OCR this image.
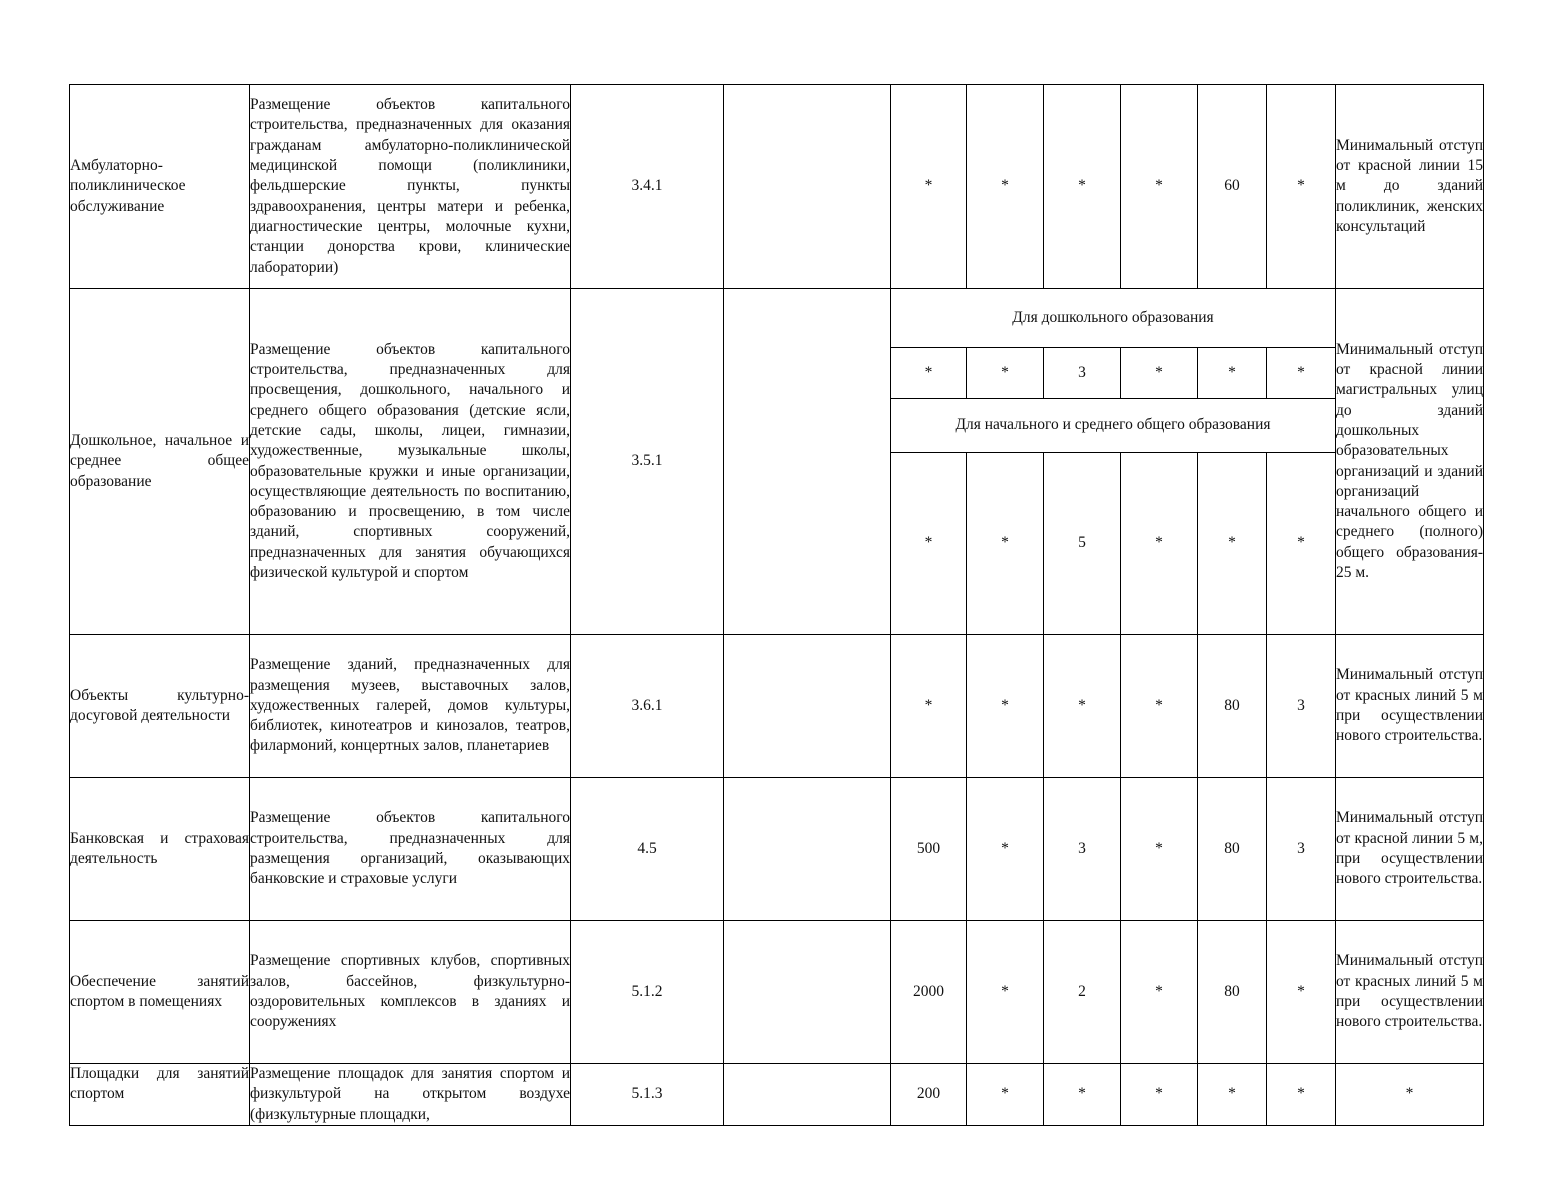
Амбулаторно-поликлиническое обслуживание	Размещение объектов капитального строительства, предназначенных для оказания гражданам амбулаторно-поликлинической медицинской помощи (поликлиники, фельдшерские пункты, пункты здравоохранения, центры матери и ребенка, диагностические центры, молочные кухни, станции донорства крови, клинические лаборатории)	3.4.1		*	*	*	*	60	*	Минимальный отступ от красной линии 15 м до зданий поликлиник, женских консультаций
Дошкольное, начальное и среднее общее образование	Размещение объектов капитального строительства, предназначенных для просвещения, дошкольного, начального и среднего общего образования (детские ясли, детские сады, школы, лицеи, гимназии, художественные, музыкальные школы, образовательные кружки и иные организации, осуществляющие деятельность по воспитанию, образованию и просвещению, в том числе зданий, спортивных сооружений, предназначенных для занятия обучающихся физической культурой и спортом	3.5.1		Для дошкольного образования						Минимальный отступ от красной линии магистральных улиц до зданий дошкольных образовательных организаций и зданий организаций начального общего и среднего (полного) общего образования- 25 м.
				*	*	3	*	*	*	
				Для начального и среднего общего образования						
				*	*	5	*	*	*	
Объекты культурно-досуговой деятельности	Размещение зданий, предназначенных для размещения музеев, выставочных залов, художественных галерей, домов культуры, библиотек, кинотеатров и кинозалов, театров, филармоний, концертных залов, планетариев	3.6.1		*	*	*	*	80	3	Минимальный отступ от красных линий 5 м при осуществлении нового строительства.
Банковская и страховая деятельность	Размещение объектов капитального строительства, предназначенных для размещения организаций, оказывающих банковские и страховые услуги	4.5		500	*	3	*	80	3	Минимальный отступ от красной линии 5 м, при осуществлении нового строительства.
Обеспечение занятий спортом в помещениях	Размещение спортивных клубов, спортивных залов, бассейнов, физкультурно-оздоровительных комплексов в зданиях и сооружениях	5.1.2		2000	*	2	*	80	*	Минимальный отступ от красных линий 5 м при осуществлении нового строительства.
Площадки для занятий спортом	Размещение площадок для занятия спортом и физкультурой на открытом воздухе (физкультурные площадки,	5.1.3		200	*	*	*	*	*	*
